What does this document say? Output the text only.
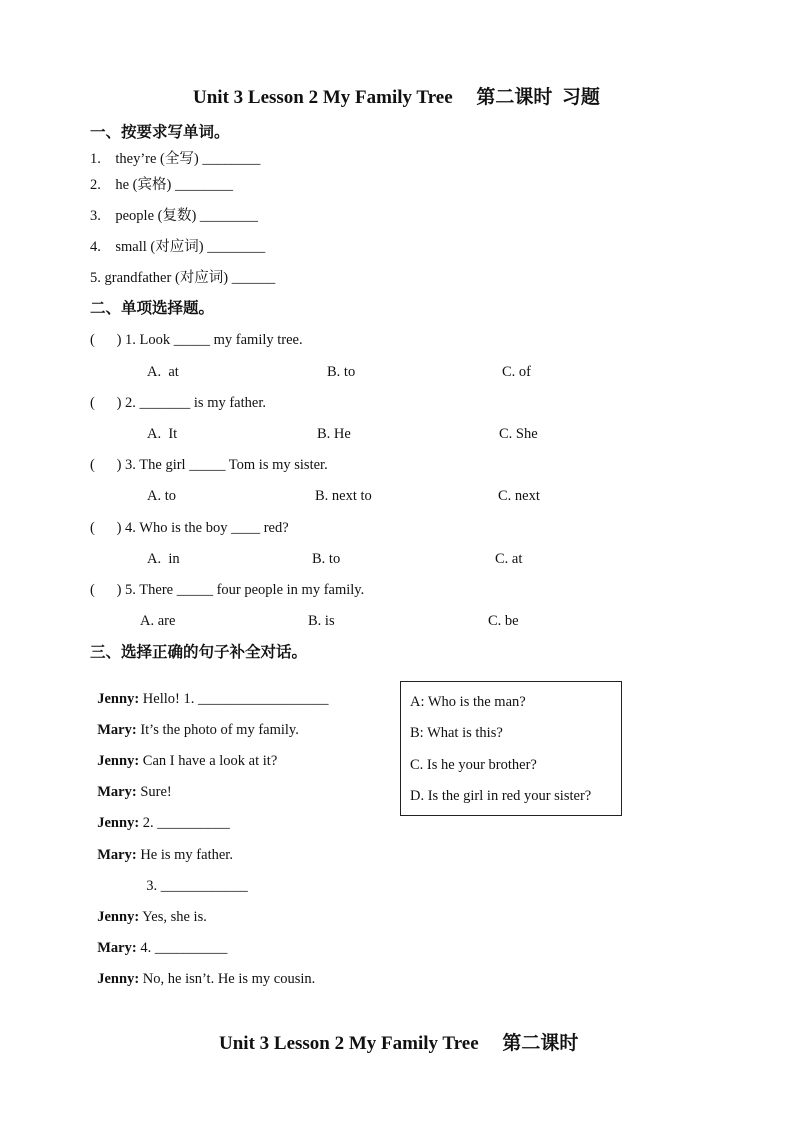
Unit 3 Lesson 2 My Family Tree　 第二课时  习题
一、按要求写单词。
1.    they’re (全写) ________
2.    he (宾格) ________
3.    people (复数) ________
4.    small (对应词) ________
5. grandfather (对应词) ______
二、单项选择题。
(      ) 1. Look _____ my family tree.
A.  at	B. to	C. of
(      ) 2. _______ is my father.
A.  It	B. He	C. She
(      ) 3. The girl _____ Tom is my sister.
A. to	B. next to	C. next
(      ) 4. Who is the boy ____ red?
A.  in	B. to	C. at
(      ) 5. There _____ four people in my family.
A. are	B. is	C. be
三、选择正确的句子补全对话。

Jenny: Hello! 1. __________________

Mary: It’s the photo of my family.

Jenny: Can I have a look at it?

Mary: Sure!

Jenny: 2. __________

Mary: He is my father.

3. ____________

Jenny: Yes, she is.

Mary: 4. __________

Jenny: No, he isn’t. He is my cousin.

A: Who is the man?
B: What is this?
C. Is he your brother?
D. Is the girl in red your sister?
Unit 3 Lesson 2 My Family Tree　 第二课时
